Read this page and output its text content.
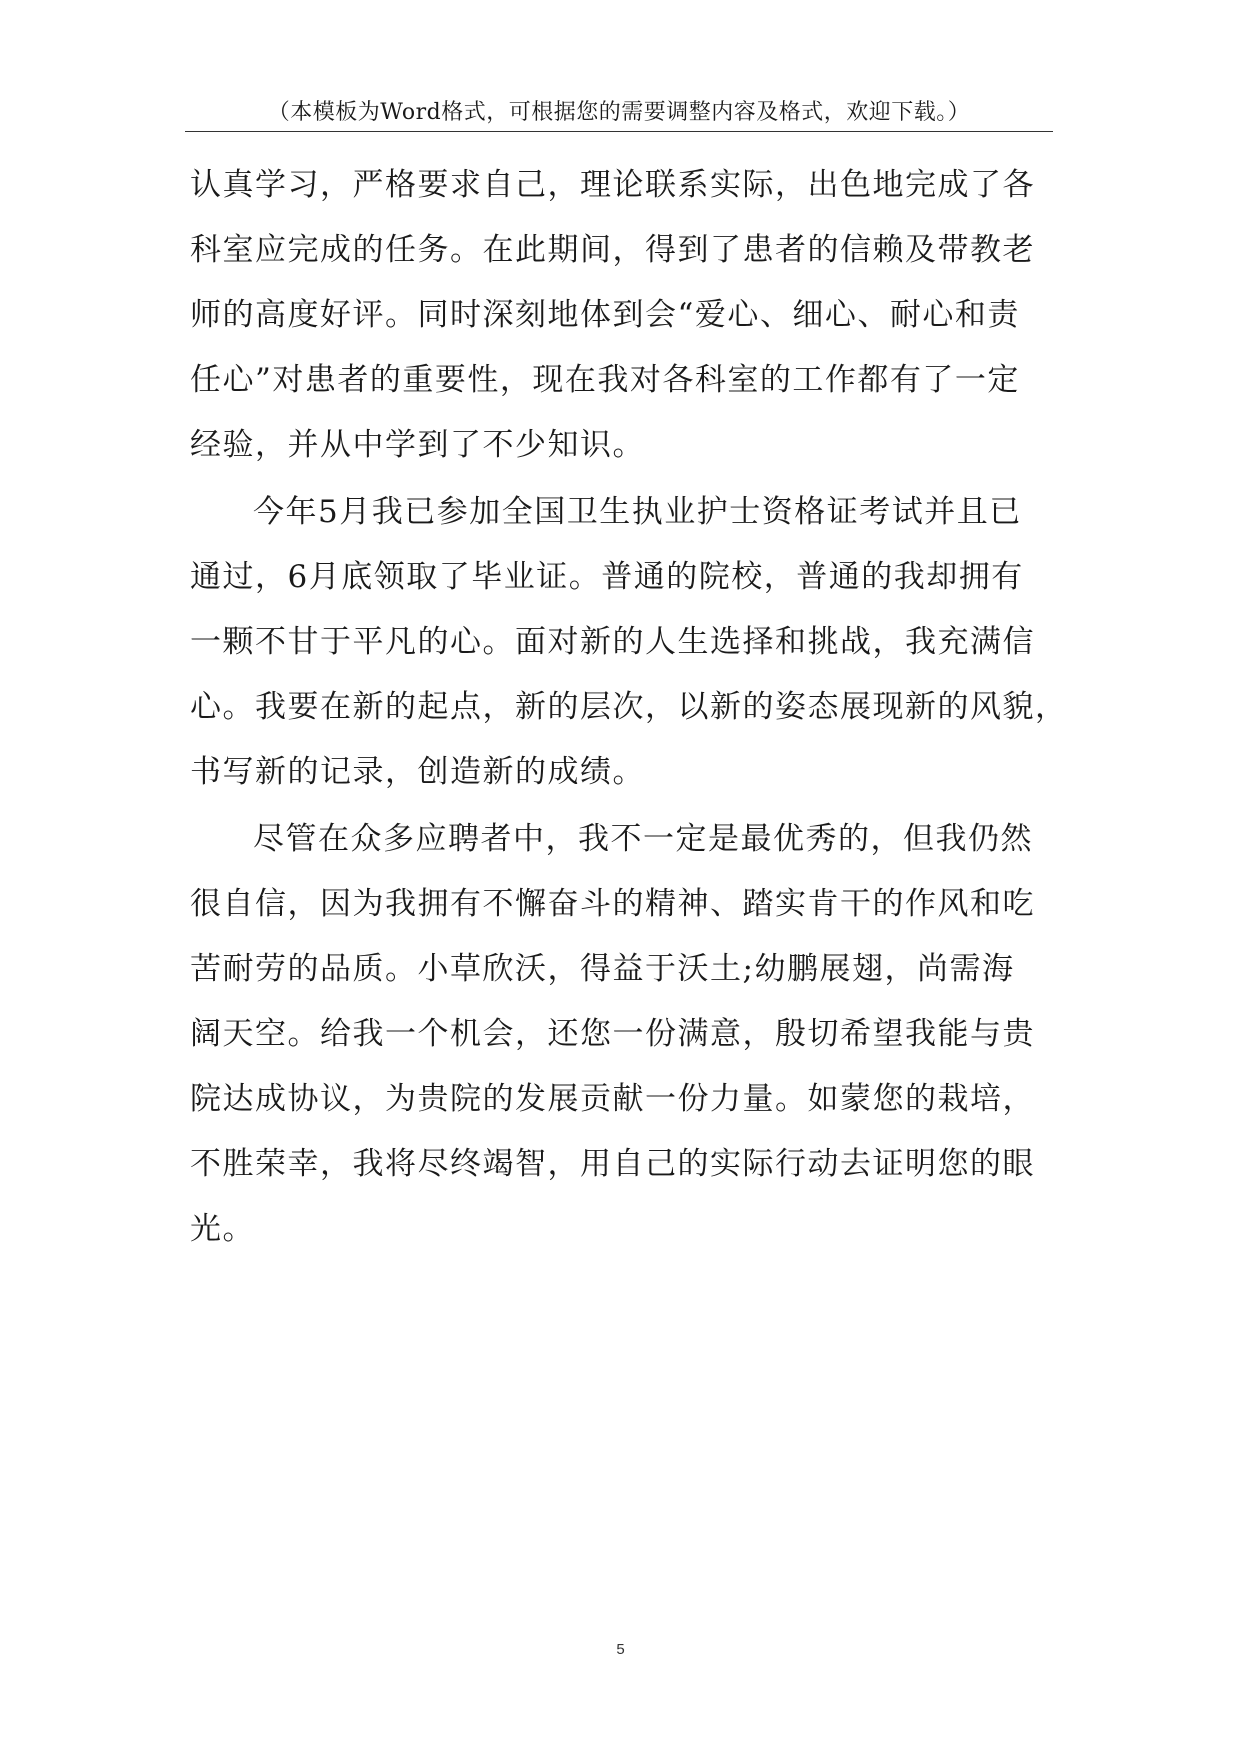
（本模板为Word格式，可根据您的需要调整内容及格式，欢迎下载。）
认真学习，严格要求自己，理论联系实际，出色地完成了各
科室应完成的任务。在此期间，得到了患者的信赖及带教老
师的高度好评。同时深刻地体到会“爱心、细心、耐心和责
任心”对患者的重要性，现在我对各科室的工作都有了一定
经验，并从中学到了不少知识。
今年5月我已参加全国卫生执业护士资格证考试并且已
通过，6月底领取了毕业证。普通的院校，普通的我却拥有
一颗不甘于平凡的心。面对新的人生选择和挑战，我充满信
心。我要在新的起点，新的层次，以新的姿态展现新的风貌，
书写新的记录，创造新的成绩。
尽管在众多应聘者中，我不一定是最优秀的，但我仍然
很自信，因为我拥有不懈奋斗的精神、踏实肯干的作风和吃
苦耐劳的品质。小草欣沃，得益于沃土;幼鹏展翅，尚需海
阔天空。给我一个机会，还您一份满意，殷切希望我能与贵
院达成协议，为贵院的发展贡献一份力量。如蒙您的栽培，
不胜荣幸，我将尽终竭智，用自己的实际行动去证明您的眼
光。
5
